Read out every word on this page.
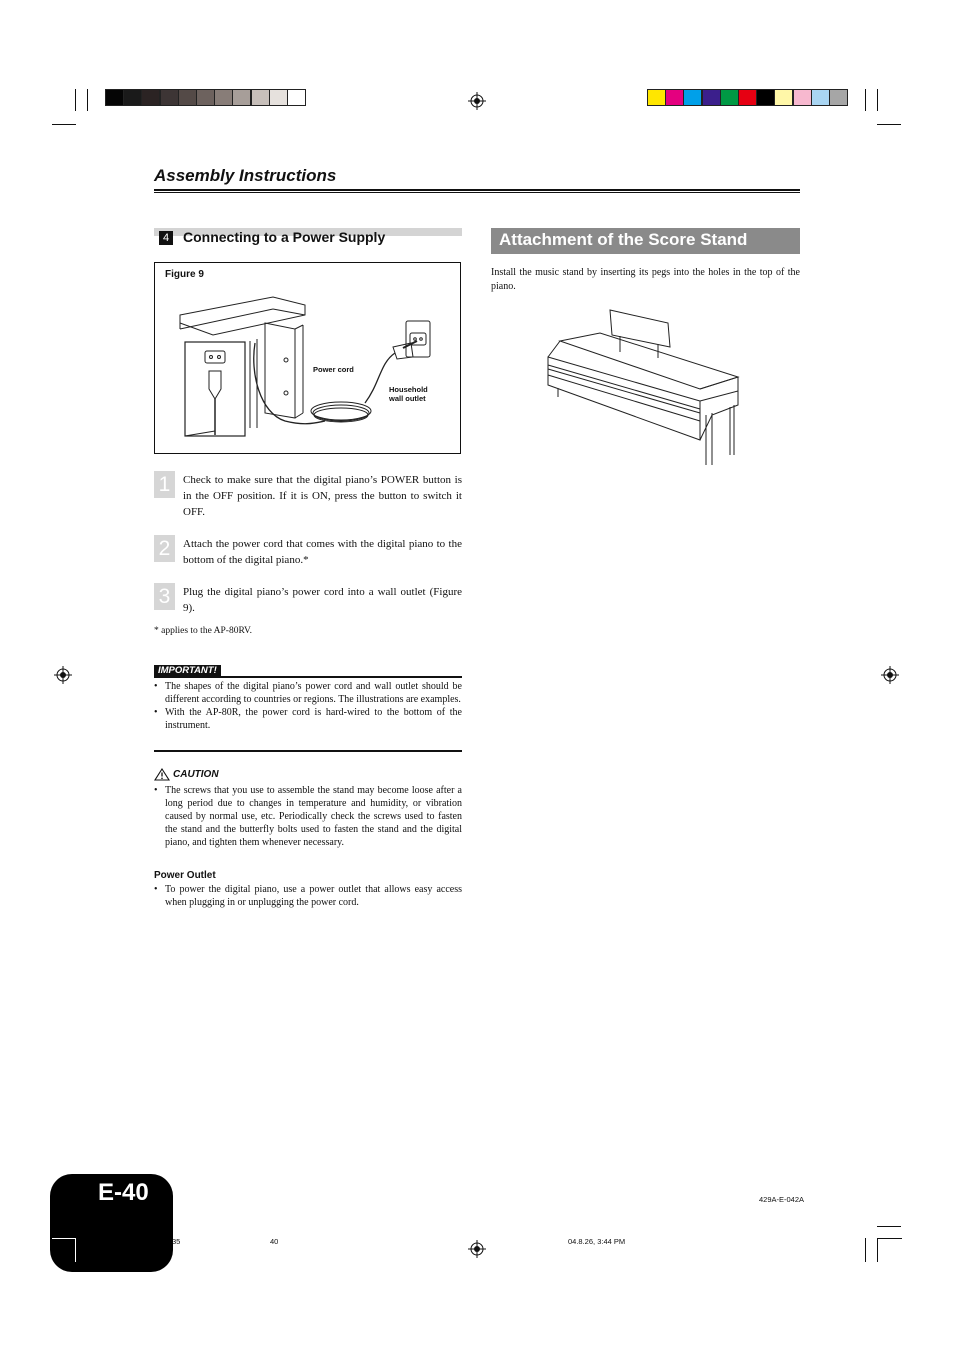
Assembly Instructions
4 Connecting to a Power Supply
Figure 9
Power cord
Household
wall outlet
1	Check to make sure that the digital piano’s POWER button is in the OFF position. If it is ON, press the button to switch it OFF.
2	Attach the power cord that comes with the digital piano to the bottom of the digital piano.*
3	Plug the digital piano’s power cord into a wall outlet (Figure 9).
* applies to the AP-80RV.
IMPORTANT!
• The shapes of the digital piano’s power cord and wall outlet should be different according to countries or regions. The illustrations are examples.
• With the AP-80R, the power cord is hard-wired to the bottom of the instrument.
CAUTION
• The screws that you use to assemble the stand may become loose after a long period due to changes in temperature and humidity, or vibration caused by normal use, etc. Periodically check the screws used to fasten the stand and the butterfly bolts used to fasten the stand and the digital piano, and tighten them whenever necessary.
Power Outlet
• To power the digital piano, use a power outlet that allows easy access when plugging in or unplugging the power cord.
Attachment of the Score Stand
Install the music stand by inserting its pegs into the holes in the top of the piano.
E-40	429A-E-042A
35	40	04.8.26, 3:44 PM
